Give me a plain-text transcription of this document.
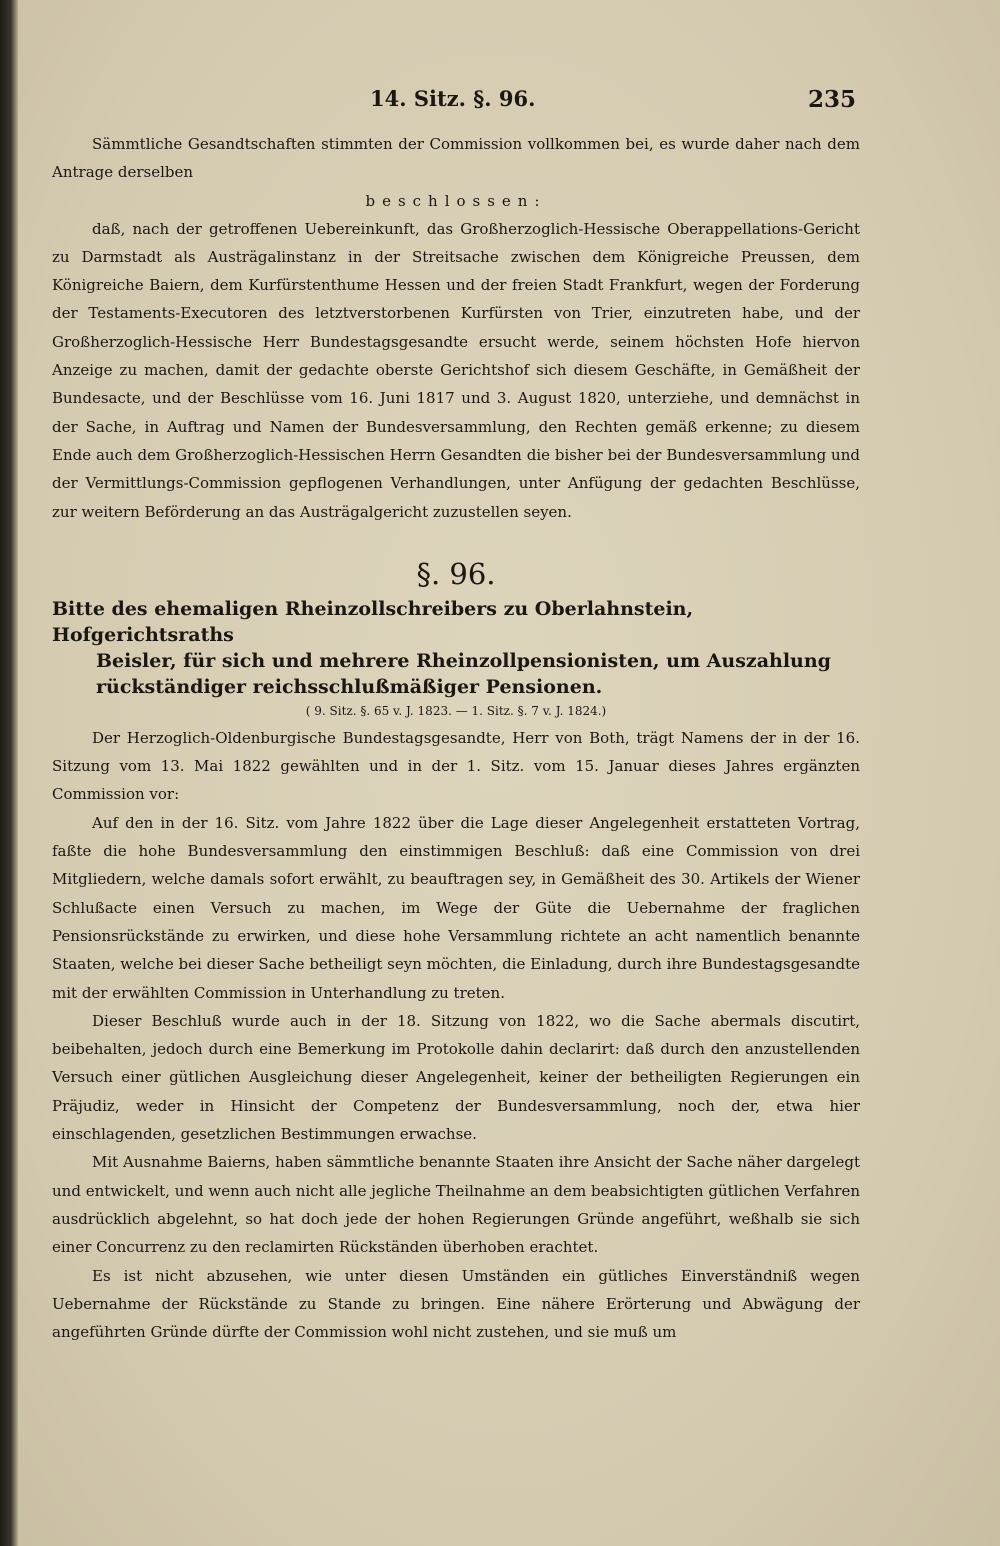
14. Sitz. §. 96.	235

Sämmtliche Gesandtschaften stimmten der Commission vollkommen bei, es wurde daher nach dem Antrage derselben

beschlossen:

daß, nach der getroffenen Uebereinkunft, das Großherzoglich-Hessische Oberappellations-Gericht zu Darmstadt als Austrägalinstanz in der Streitsache zwischen dem Königreiche Preussen, dem Königreiche Baiern, dem Kurfürstenthume Hessen und der freien Stadt Frankfurt, wegen der Forderung der Testaments-Executoren des letztverstorbenen Kurfürsten von Trier, einzutreten habe, und der Großherzoglich-Hessische Herr Bundestagsgesandte ersucht werde, seinem höchsten Hofe hiervon Anzeige zu machen, damit der gedachte oberste Gerichtshof sich diesem Geschäfte, in Gemäßheit der Bundesacte, und der Beschlüsse vom 16. Juni 1817 und 3. August 1820, unterziehe, und demnächst in der Sache, in Auftrag und Namen der Bundesversammlung, den Rechten gemäß erkenne; zu diesem Ende auch dem Großherzoglich-Hessischen Herrn Gesandten die bisher bei der Bundesversammlung und der Vermittlungs-Commission gepflogenen Verhandlungen, unter Anfügung der gedachten Beschlüsse, zur weitern Beförderung an das Austrägalgericht zuzustellen seyen.

§. 96.

Bitte des ehemaligen Rheinzollschreibers zu Oberlahnstein, Hofgerichtsraths
Beisler, für sich und mehrere Rheinzollpensionisten, um Auszahlung
rückständiger reichsschlußmäßiger Pensionen.

( 9. Sitz. §. 65 v. J. 1823. — 1. Sitz. §. 7 v. J. 1824.)

Der Herzoglich-Oldenburgische Bundestagsgesandte, Herr von Both, trägt Namens der in der 16. Sitzung vom 13. Mai 1822 gewählten und in der 1. Sitz. vom 15. Januar dieses Jahres ergänzten Commission vor:

Auf den in der 16. Sitz. vom Jahre 1822 über die Lage dieser Angelegenheit erstatteten Vortrag, faßte die hohe Bundesversammlung den einstimmigen Beschluß: daß eine Commission von drei Mitgliedern, welche damals sofort erwählt, zu beauftragen sey, in Gemäßheit des 30. Artikels der Wiener Schlußacte einen Versuch zu machen, im Wege der Güte die Uebernahme der fraglichen Pensionsrückstände zu erwirken, und diese hohe Versammlung richtete an acht namentlich benannte Staaten, welche bei dieser Sache betheiligt seyn möchten, die Einladung, durch ihre Bundestagsgesandte mit der erwählten Commission in Unterhandlung zu treten.

Dieser Beschluß wurde auch in der 18. Sitzung von 1822, wo die Sache abermals discutirt, beibehalten, jedoch durch eine Bemerkung im Protokolle dahin declarirt: daß durch den anzustellenden Versuch einer gütlichen Ausgleichung dieser Angelegenheit, keiner der betheiligten Regierungen ein Präjudiz, weder in Hinsicht der Competenz der Bundesversammlung, noch der, etwa hier einschlagenden, gesetzlichen Bestimmungen erwachse.

Mit Ausnahme Baierns, haben sämmtliche benannte Staaten ihre Ansicht der Sache näher dargelegt und entwickelt, und wenn auch nicht alle jegliche Theilnahme an dem beabsichtigten gütlichen Verfahren ausdrücklich abgelehnt, so hat doch jede der hohen Regierungen Gründe angeführt, weßhalb sie sich einer Concurrenz zu den reclamirten Rückständen überhoben erachtet.

Es ist nicht abzusehen, wie unter diesen Umständen ein gütliches Einverständniß wegen Uebernahme der Rückstände zu Stande zu bringen. Eine nähere Erörterung und Abwägung der angeführten Gründe dürfte der Commission wohl nicht zustehen, und sie muß um
